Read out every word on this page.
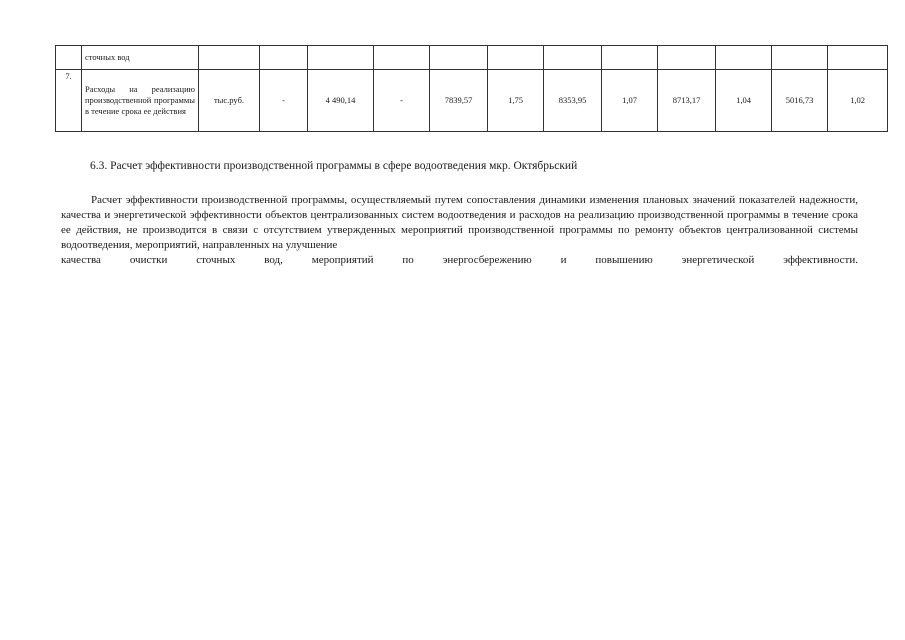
	сточных вод												
7.	Расходы на реализацию производственной программы в течение срока ее действия	тыс.руб.	-	4 490,14	-	7839,57	1,75	8353,95	1,07	8713,17	1,04	5016,73	1,02
6.3. Расчет эффективности производственной программы в сфере водоотведения мкр. Октябрьский
Расчет эффективности производственной программы, осуществляемый путем сопоставления динамики изменения плановых значений показателей надежности, качества и энергетической эффективности объектов централизованных систем водоотведения и расходов на реализацию производственной программы в течение срока ее действия, не производится в связи с отсутствием утвержденных мероприятий производственной программы по ремонту объектов централизованной системы водоотведения, мероприятий, направленных на улучшение
качества очистки сточных вод, мероприятий по энергосбережению и повышению энергетической эффективности.
